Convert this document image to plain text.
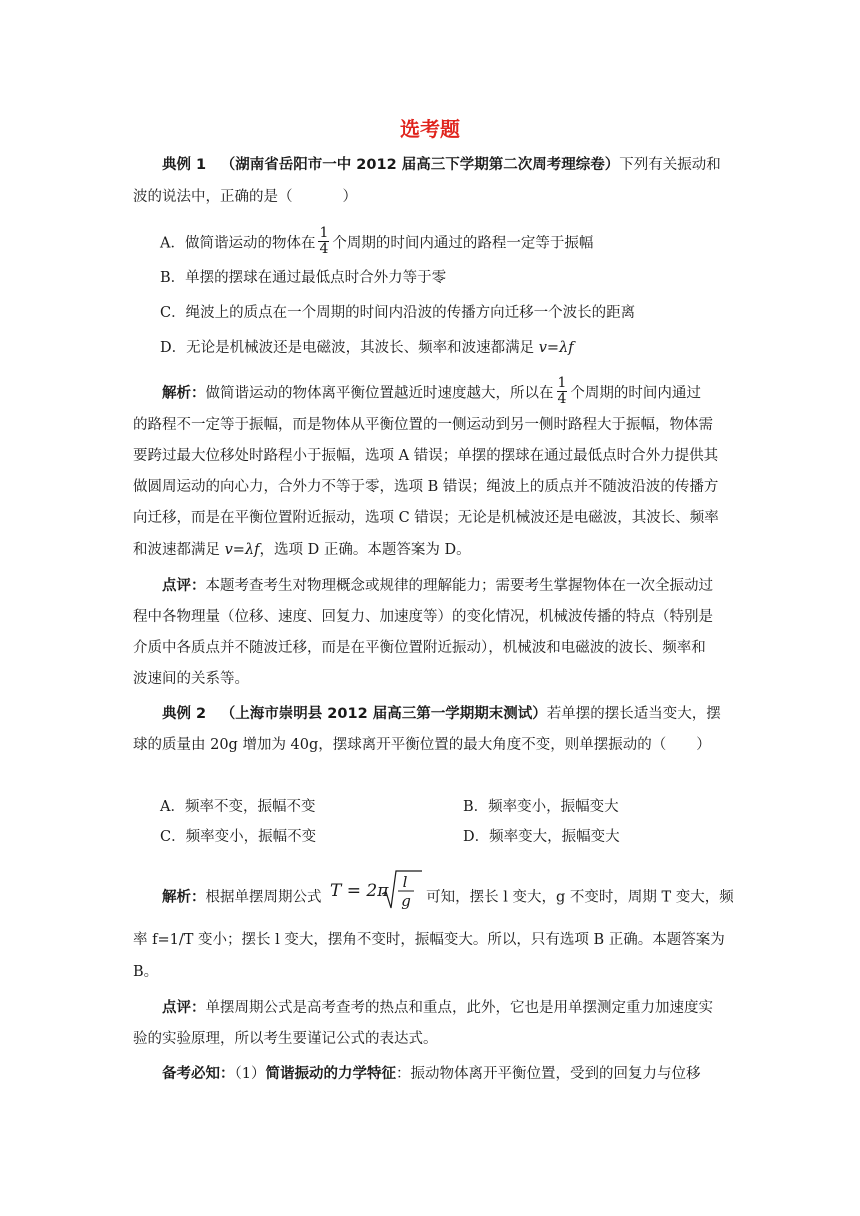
选考题
典例 1 （湖南省岳阳市一中 2012 届高三下学期第二次周考理综卷）下列有关振动和
波的说法中，正确的是（	）
A．做简谐运动的物体在 $\frac{1}{4}$ 个周期的时间内通过的路程一定等于振幅
B．单摆的摆球在通过最低点时合外力等于零
C．绳波上的质点在一个周期的时间内沿波的传播方向迁移一个波长的距离
D．无论是机械波还是电磁波，其波长、频率和波速都满足 v=λf
解析：做简谐运动的物体离平衡位置越近时速度越大，所以在 $\frac{1}{4}$ 个周期的时间内通过
的路程不一定等于振幅，而是物体从平衡位置的一侧运动到另一侧时路程大于振幅，物体需
要跨过最大位移处时路程小于振幅，选项 A 错误；单摆的摆球在通过最低点时合外力提供其
做圆周运动的向心力，合外力不等于零，选项 B 错误；绳波上的质点并不随波沿波的传播方
向迁移，而是在平衡位置附近振动，选项 C 错误；无论是机械波还是电磁波，其波长、频率
和波速都满足 v=λf，选项 D 正确。本题答案为 D。
点评：本题考查考生对物理概念或规律的理解能力；需要考生掌握物体在一次全振动过
程中各物理量（位移、速度、回复力、加速度等）的变化情况，机械波传播的特点（特别是
介质中各质点并不随波迁移，而是在平衡位置附近振动），机械波和电磁波的波长、频率和
波速间的关系等。
典例 2 （上海市崇明县 2012 届高三第一学期期末测试）若单摆的摆长适当变大，摆
球的质量由 20g 增加为 40g，摆球离开平衡位置的最大角度不变，则单摆振动的（ ）
A．频率不变，振幅不变	B．频率变小，振幅变大
C．频率变小，振幅不变	D．频率变大，振幅变大
解析：根据单摆周期公式 T = 2π l
g 可知，摆长 l 变大，g 不变时，周期 T 变大，频
率 f=1/T 变小；摆长 l 变大，摆角不变时，振幅变大。所以，只有选项 B 正确。本题答案为
B。
点评：单摆周期公式是高考查考的热点和重点，此外，它也是用单摆测定重力加速度实
验的实验原理，所以考生要谨记公式的表达式。
备考必知：（1）简谐振动的力学特征：振动物体离开平衡位置，受到的回复力与位移
